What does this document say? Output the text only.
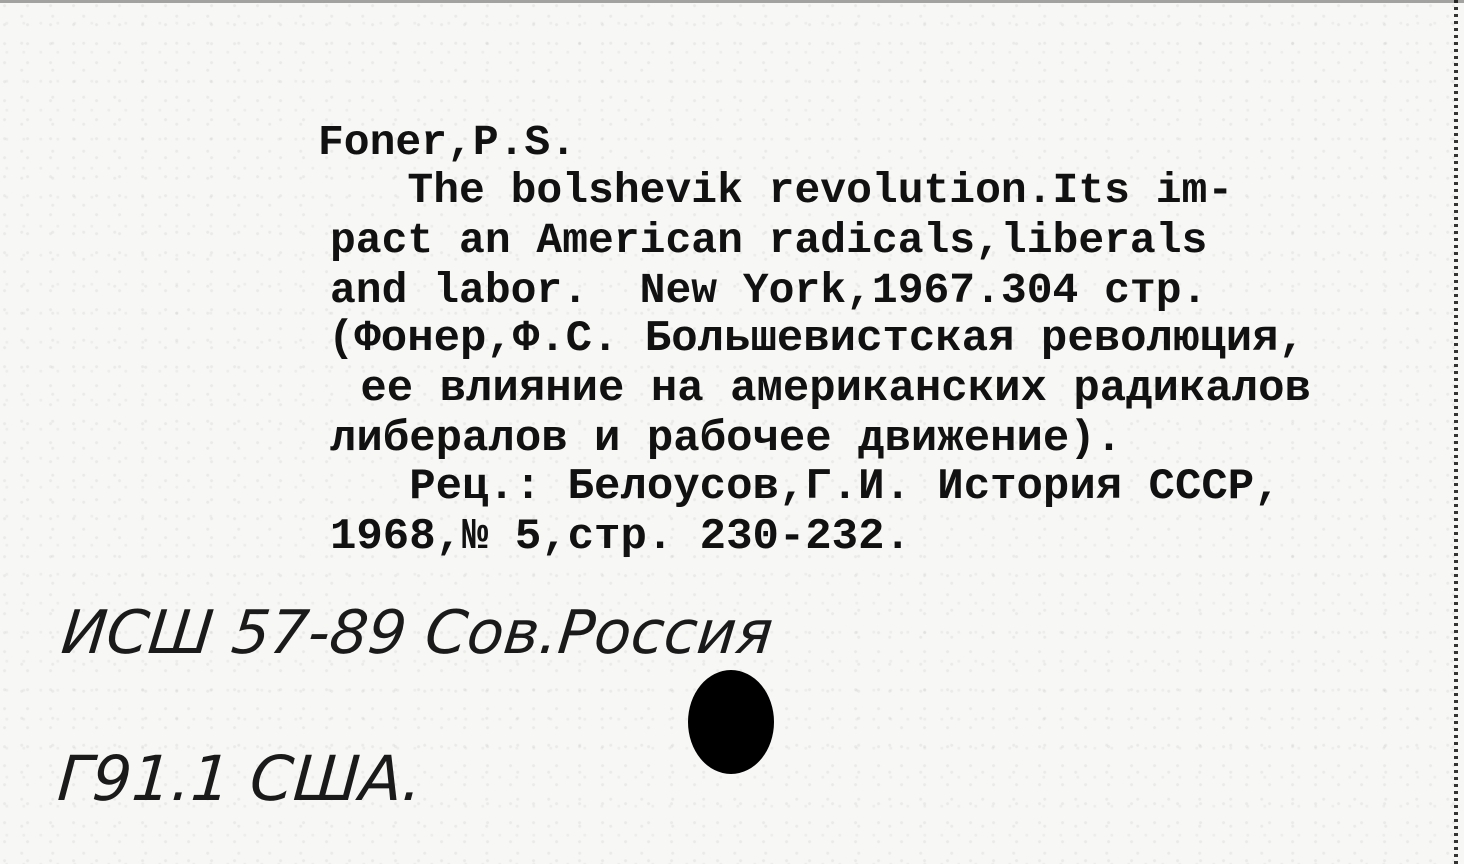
Foner,P.S.

The bolshevik revolution.Its im-

pact an American radicals,liberals

and labor.  New York,1967.304 стр.

(Фонер,Ф.С. Большевистская революция,

ее влияние на американских радикалов

либералов и рабочее движение).

Рец.: Белоусов,Г.И. История СССР,

1968,№ 5,стр. 230-232.

ИСШ 57-89 Сов.Россия

Г91.1 США.
